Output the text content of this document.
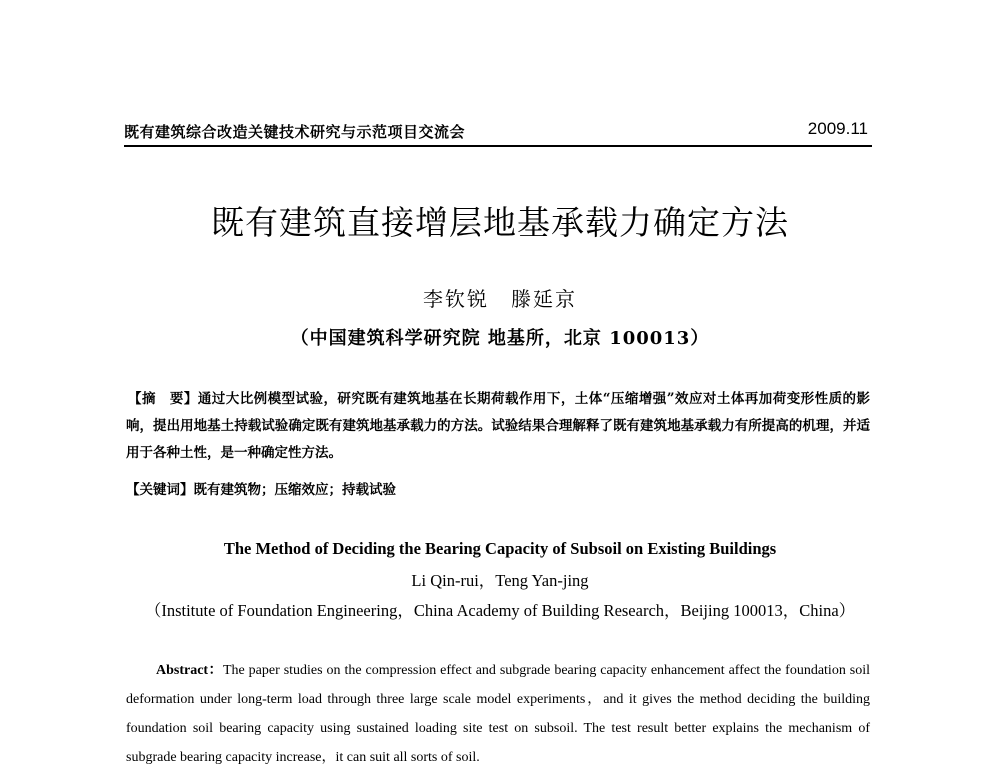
既有建筑综合改造关键技术研究与示范项目交流会	2009.11
既有建筑直接增层地基承载力确定方法
李钦锐　滕延京
（中国建筑科学研究院 地基所，北京 100013）
【摘　要】通过大比例模型试验，研究既有建筑地基在长期荷载作用下，土体“压缩增强”效应对土体再加荷变形性质的影响，提出用地基土持载试验确定既有建筑地基承载力的方法。试验结果合理解释了既有建筑地基承载力有所提高的机理，并适用于各种土性，是一种确定性方法。
【关键词】既有建筑物；压缩效应；持载试验
The Method of Deciding the Bearing Capacity of Subsoil on Existing Buildings
Li Qin-rui，Teng Yan-jing
（Institute of Foundation Engineering，China Academy of Building Research，Beijing 100013，China）
Abstract：The paper studies on the compression effect and subgrade bearing capacity enhancement affect the foundation soil deformation under long-term load through three large scale model experiments，and it gives the method deciding the building foundation soil bearing capacity using sustained loading site test on subsoil. The test result better explains the mechanism of subgrade bearing capacity increase，it can suit all sorts of soil.
